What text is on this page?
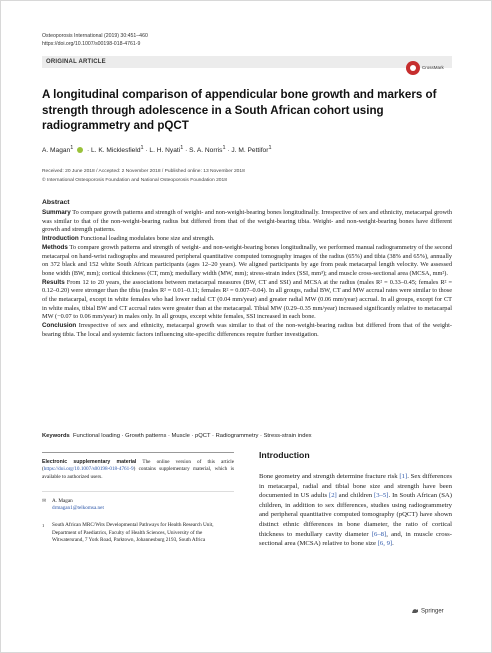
Osteoporosis International (2019) 30:451–460
https://doi.org/10.1007/s00198-018-4761-9
ORIGINAL ARTICLE
CrossMark
A longitudinal comparison of appendicular bone growth and markers of strength through adolescence in a South African cohort using radiogrammetry and pQCT
A. Magan$^1$  · L. K. Micklesfield$^1$ · L. H. Nyati$^1$ · S. A. Norris$^1$ · J. M. Pettifor$^1$
Received: 20 June 2018 / Accepted: 2 November 2018 / Published online: 13 November 2018
© International Osteoporosis Foundation and National Osteoporosis Foundation 2018
Abstract

Summary To compare growth patterns and strength of weight- and non-weight-bearing bones longitudinally. Irrespective of sex and ethnicity, metacarpal growth was similar to that of the non-weight-bearing radius but differed from that of the weight-bearing tibia. Weight- and non-weight-bearing bones have different growth and strength patterns.

Introduction Functional loading modulates bone size and strength.

Methods To compare growth patterns and strength of weight- and non-weight-bearing bones longitudinally, we performed manual radiogrammetry of the second metacarpal on hand-wrist radiographs and measured peripheral quantitative computed tomography images of the radius (65%) and tibia (38% and 65%), annually on 372 black and 152 white South African participants (ages 12–20 years). We aligned participants by age from peak metacarpal length velocity. We assessed bone width (BW, mm); cortical thickness (CT, mm); medullary width (MW, mm); stress-strain index (SSI, mm³); and muscle cross-sectional area (MCSA, mm²).

Results From 12 to 20 years, the associations between metacarpal measures (BW, CT and SSI) and MCSA at the radius (males R² = 0.33–0.45; females R² = 0.12–0.20) were stronger than the tibia (males R² = 0.01–0.11; females R² = 0.007–0.04). In all groups, radial BW, CT and MW accrual rates were similar to those of the metacarpal, except in white females who had lower radial CT (0.04 mm/year) and greater radial MW (0.06 mm/year) accrual. In all groups, except for CT in white males, tibial BW and CT accrual rates were greater than at the metacarpal. Tibial MW (0.29–0.35 mm/year) increased significantly relative to metacarpal MW (−0.07 to 0.06 mm/year) in males only. In all groups, except white females, SSI increased in each bone.

Conclusion Irrespective of sex and ethnicity, metacarpal growth was similar to that of the non-weight-bearing radius but differed from that of the weight-bearing tibia. The local and systemic factors influencing site-specific differences require further investigation.

Keywords Functional loading · Growth patterns · Muscle · pQCT · Radiogrammetry · Stress-strain index
Electronic supplementary material The online version of this article (https://doi.org/10.1007/s00198-018-4761-9) contains supplementary material, which is available to authorized users.
✉ A. Magan
drmagan1@telkomsa.net
1 South African MRC/Wits Developmental Pathways for Health Research Unit, Department of Paediatrics, Faculty of Health Sciences, University of the Witwatersrand, 7 York Road, Parktown, Johannesburg 2193, South Africa
Introduction

Bone geometry and strength determine fracture risk [1]. Sex differences in metacarpal, radial and tibial bone size and strength have been documented in US adults [2] and children [3–5]. In South African (SA) children, in addition to sex differences, studies using radiogrammetry and peripheral quantitative computed tomography (pQCT) have shown distinct ethnic differences in bone diameter, the ratio of cortical thickness to medullary cavity diameter [6–8], and, in muscle cross-sectional area (MCSA) relative to bone size [6, 9].

Springer
